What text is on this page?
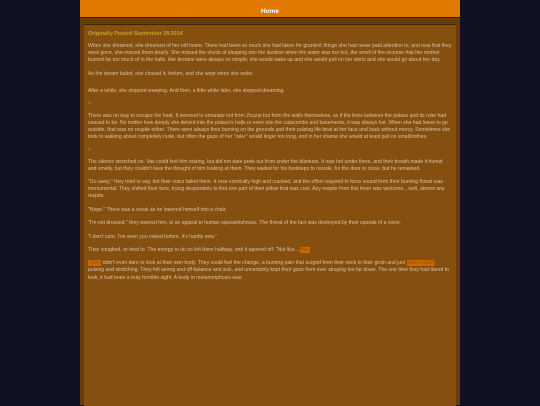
Home
Originally Posted September 28 2014

When she dreamed, she dreamed of her old home. There had been so much she had taken for granted; things she had never paid attention to, and now that they were gone, she missed them dearly. She missed the shock of stepping into the lavation when the water was too hot, the smell of the incense that her mother burned far too much of in the halls. Her dreams were always so simple; she would wake up and she would pull on her skirts and she would go about her day.

As the dream faded, she chased it, forlorn, and she wept when she woke.

After a while, she stopped weeping. And then, a little while later, she stopped dreaming.

~

There was no way to escape the heat. It seemed to emanate not from Zouzai but from the walls themselves, as if the lines between the palace and its ruler had ceased to be. No matter how deeply she delved into the palace's halls or even into the catacombs and basements, it was always hot. When she had leave to go outside, that was no respite either. There were always fires burning on the grounds and their pulsing life beat at her face and back without mercy. Sometimes she took to walking about completely nude, but often the gaze of her "ruler" would linger too long, and in her shame she would at least pull on smallclothes.

~

The silence stretched on. Vas could feel him staring, but did not dare peek out from under the blankets. It was hot under there, and their breath made it humid and smelly, but they couldn't bear the thought of him looking at them. They waited for his footsteps to recede, for the door to close, but he remained.

"Go away," they tried to say, but their voice failed them. It rose comically high and cracked, and the effort required to force sound from their burning throat was monumental. They shifted their face, trying desperately to find one part of their pillow that was cool. Any respite from this fever was welcome…well, almost any respite.

"Nope." There was a creak as he lowered himself into a chair.

"I'm not dressed," they warned him, in an appeal to human squeamishness. The threat of the fact was destroyed by their squeak of a voice.

"I don't care. I've seen you naked before. It's hardly new."

They coughed, or tried to. The energy to do so left them halfway, and it tapered off. "Not like…this

They didn't even dare to look at their own body. They could feel the change, a burning pain that surged from their neck to their groin and just underneath, pulsing and stretching. They felt wrong and off-balance and sick, and uncertainly kept their gaze from ever straying too far down. The one time they had dared to look, it had been a truly horrible sight. A body in metamorphosis was
